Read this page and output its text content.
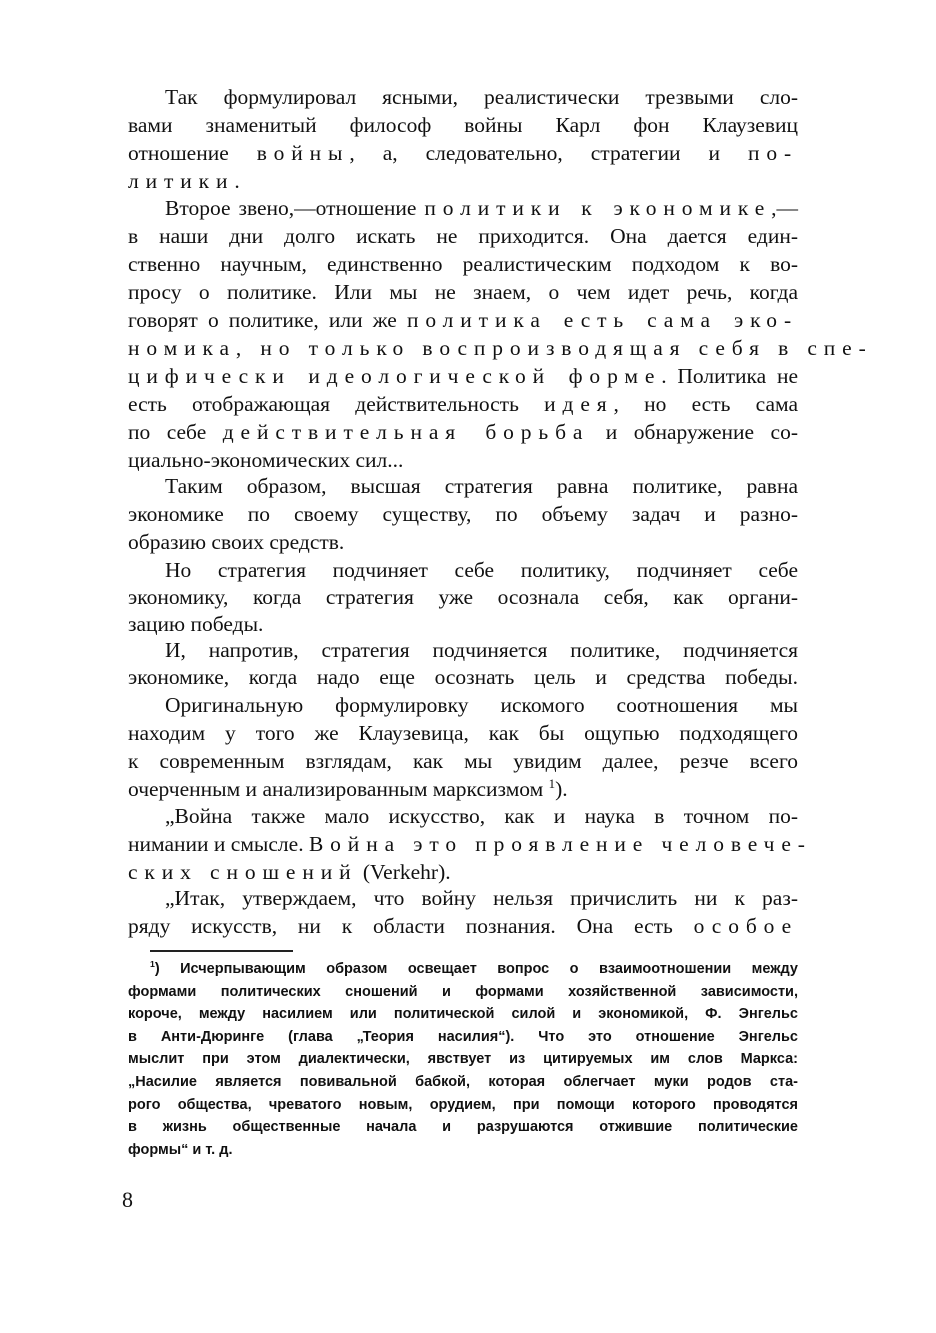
Так формулировал ясными, реалистически трезвыми сло-
вами знаменитый философ войны Карл фон Клаузевиц
отношение войны, а, следовательно, стратегии и по-
литики.
Второе звено,—отношение политики к экономике,—
в наши дни долго искать не приходится. Она дается един-
ственно научным, единственно реалистическим подходом к во-
просу о политике. Или мы не знаем, о чем идет речь, когда
говорят о политике, или же политика есть сама эко-
номика, но только воспроизводящая себя в спе-
цифически идеологической форме. Политика не
есть отображающая действительность идея, но есть сама
по себе действительная борьба и обнаружение со-
циально-экономических сил...
Таким образом, высшая стратегия равна политике, равна
экономике по своему существу, по объему задач и разно-
образию своих средств.
Но стратегия подчиняет себе политику, подчиняет себе
экономику, когда стратегия уже осознала себя, как органи-
зацию победы.
И, напротив, стратегия подчиняется политике, подчиняется
экономике, когда надо еще осознать цель и средства победы.
Оригинальную формулировку искомого соотношения мы
находим у того же Клаузевица, как бы ощупью подходящего
к современным взглядам, как мы увидим далее, резче всего
очерченным и анализированным марксизмом $^1$).
„Война также мало искусство, как и наука в точном по-
нимании и смысле. Война это проявление человече-
ских сношений (Verkehr).
„Итак, утверждаем, что войну нельзя причислить ни к раз-
ряду искусств, ни к области познания. Она есть особое
$^1$) Исчерпывающим образом освещает вопрос о взаимоотношении между
формами политических сношений и формами хозяйственной зависимости,
короче, между насилием или политической силой и экономикой, Ф. Энгельс
в Анти-Дюринге (глава „Теория насилия“). Что это отношение Энгельс
мыслит при этом диалектически, явствует из цитируемых им слов Маркса:
„Насилие является повивальной бабкой, которая облегчает муки родов ста-
рого общества, чреватого новым, орудием, при помощи которого проводятся
в жизнь общественные начала и разрушаются отжившие политические
формы“ и т. д.
8
